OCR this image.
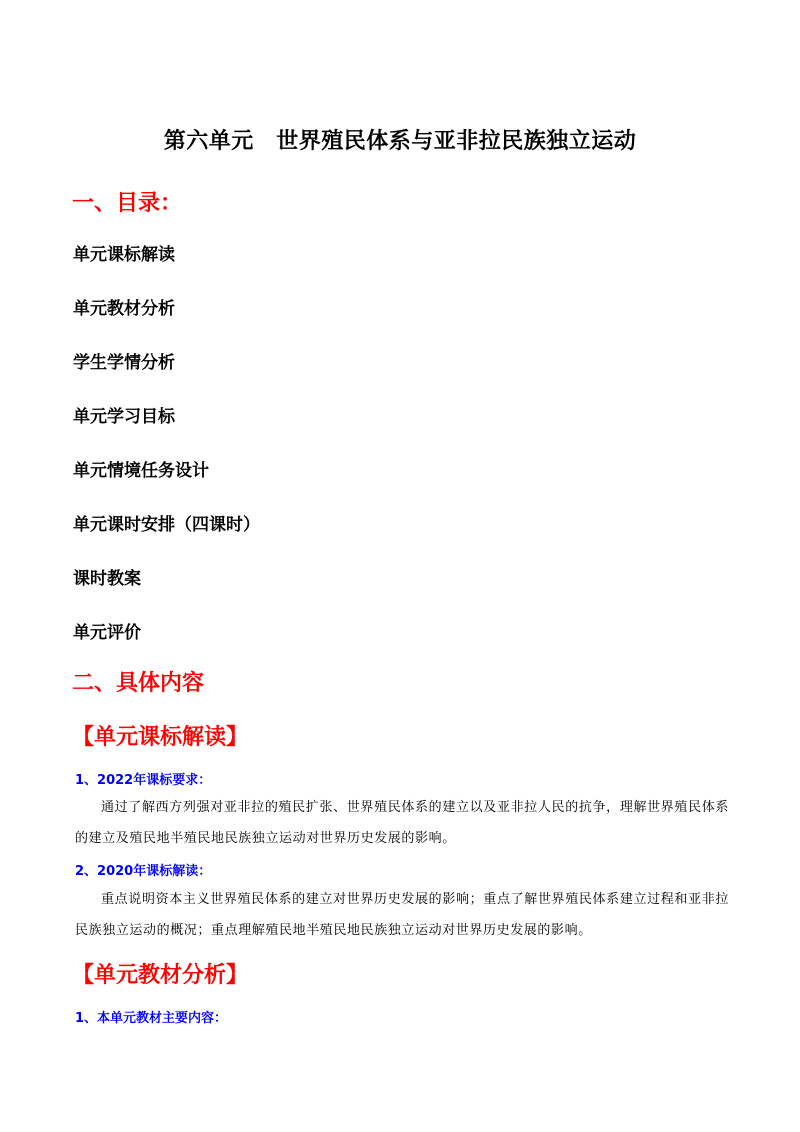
第六单元　世界殖民体系与亚非拉民族独立运动
一、目录：
单元课标解读
单元教材分析
学生学情分析
单元学习目标
单元情境任务设计
单元课时安排（四课时）
课时教案
单元评价
二、具体内容
【单元课标解读】
1、2022年课标要求：
通过了解西方列强对亚非拉的殖民扩张、世界殖民体系的建立以及亚非拉人民的抗争，理解世界殖民体系的建立及殖民地半殖民地民族独立运动对世界历史发展的影响。
2、2020年课标解读：
重点说明资本主义世界殖民体系的建立对世界历史发展的影响；重点了解世界殖民体系建立过程和亚非拉民族独立运动的概况；重点理解殖民地半殖民地民族独立运动对世界历史发展的影响。
【单元教材分析】
1、本单元教材主要内容：
